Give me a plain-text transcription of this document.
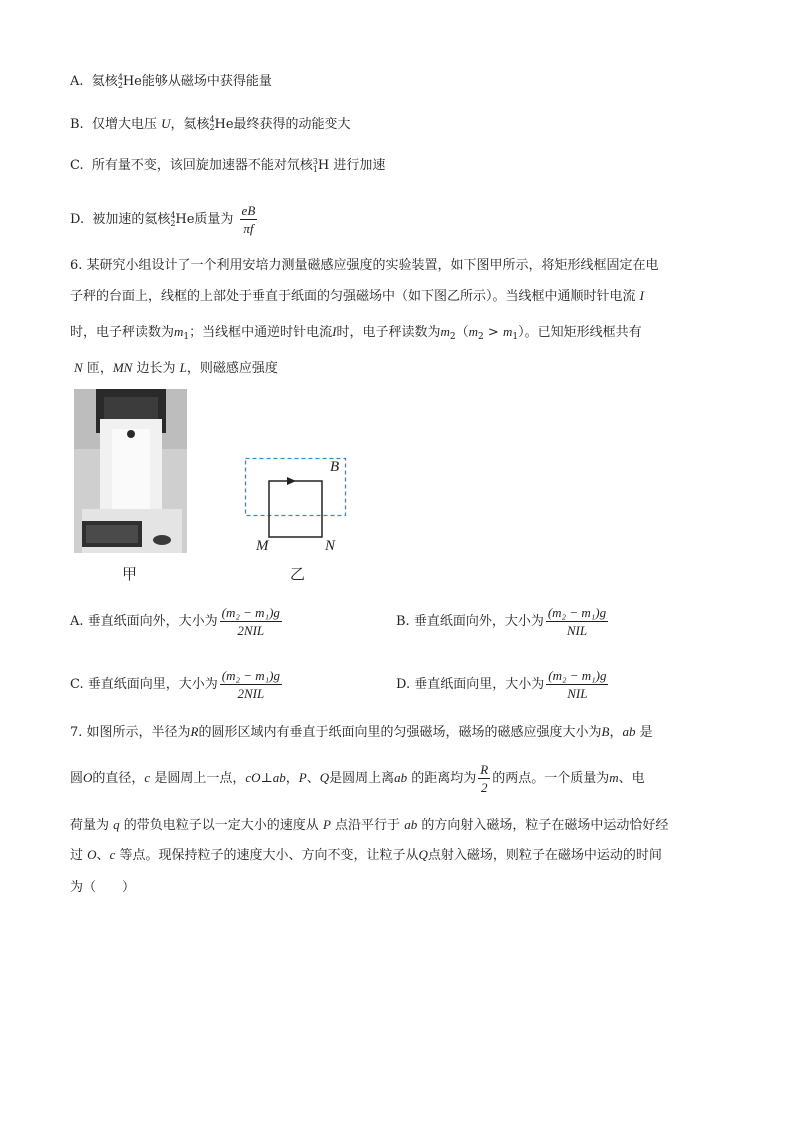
A. 氦核 4
2 He能够从磁场中获得能量
B. 仅增大电压 U，氦核 4
2 He最终获得的动能变大
C. 所有量不变，该回旋加速器不能对氘核 3
1 H 进行加速
D. 被加速的氦核 4
2 He质量为 $\frac{eB}{\pi f}$
6. 某研究小组设计了一个利用安培力测量磁感应强度的实验装置，如下图甲所示，将矩形线框固定在电
子秤的台面上，线框的上部处于垂直于纸面的匀强磁场中（如下图乙所示）。当线框中通顺时针电流 I
时，电子秤读数为$m_1$；当线框中通逆时针电流I时，电子秤读数为$m_2(m_2 > m_1)$。已知矩形线框共有
N 匝，MN 边长为 L，则磁感应强度
甲
B
M	N
乙
A. 垂直纸面向外，大小为 $\frac{\text{(m₂ − m₁)g}}{\text{2NIL}}$	B. 垂直纸面向外，大小为 $\frac{\text{(m₂ − m₁)g}}{\text{NIL}}$
C. 垂直纸面向里，大小为 $\frac{\text{(m₂ − m₁)g}}{\text{2NIL}}$	D. 垂直纸面向里，大小为 $\frac{\text{(m₂ − m₁)g}}{\text{NIL}}$
7. 如图所示，半径为R的圆形区域内有垂直于纸面向里的匀强磁场，磁场的磁感应强度大小为B，ab 是
圆O的直径，c 是圆周上一点，cO⊥ab，P、Q是圆周上离ab 的距离均为 $\frac{R}{2}$ 的两点。一个质量为m、电
荷量为 q 的带负电粒子以一定大小的速度从 P 点沿平行于 ab 的方向射入磁场，粒子在磁场中运动恰好经
过 O、c 等点。现保持粒子的速度大小、方向不变，让粒子从Q点射入磁场，则粒子在磁场中运动的时间
为（　　）
